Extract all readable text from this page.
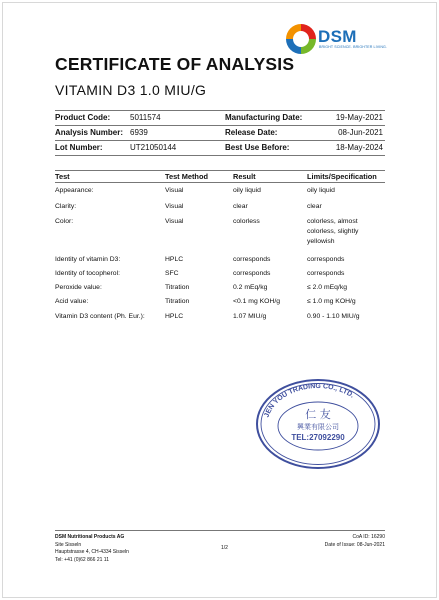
DSM
BRIGHT SCIENCE. BRIGHTER LIVING.
CERTIFICATE OF ANALYSIS
VITAMIN D3 1.0 MIU/G
Product Code: 5011574	Manufacturing Date:	19-May-2021
Analysis Number: 6939	Release Date:	08-Jun-2021
Lot Number:	UT21050144	Best Use Before:	18-May-2024
Test	Test Method	Result	Limits/Specification
Appearance:	Visual	oily liquid	oily liquid
Clarity:	Visual	clear	clear
Color:	Visual	colorless	colorless, almost colorless, slightly yellowish
Identity of vitamin D3:	HPLC	corresponds	corresponds
Identity of tocopherol:	SFC	corresponds	corresponds
Peroxide value:	Titration	0.2 mEq/kg	≤ 2.0 mEq/kg
Acid value:	Titration	<0.1 mg KOH/g	≤ 1.0 mg KOH/g
Vitamin D3 content (Ph. Eur.):	HPLC	1.07 MIU/g	0.90 - 1.10 MIU/g
JEN YOU TRADING CO., LTD.
仁 友
興業有限公司
TEL:27092290
DSM Nutritional Products AG
Site Sisseln
Hauptstrasse 4, CH-4334 Sisseln
Tel: +41 (0)62 866 21 11
1/2
CoA ID: 16290
Date of Issue: 08-Jun-2021
